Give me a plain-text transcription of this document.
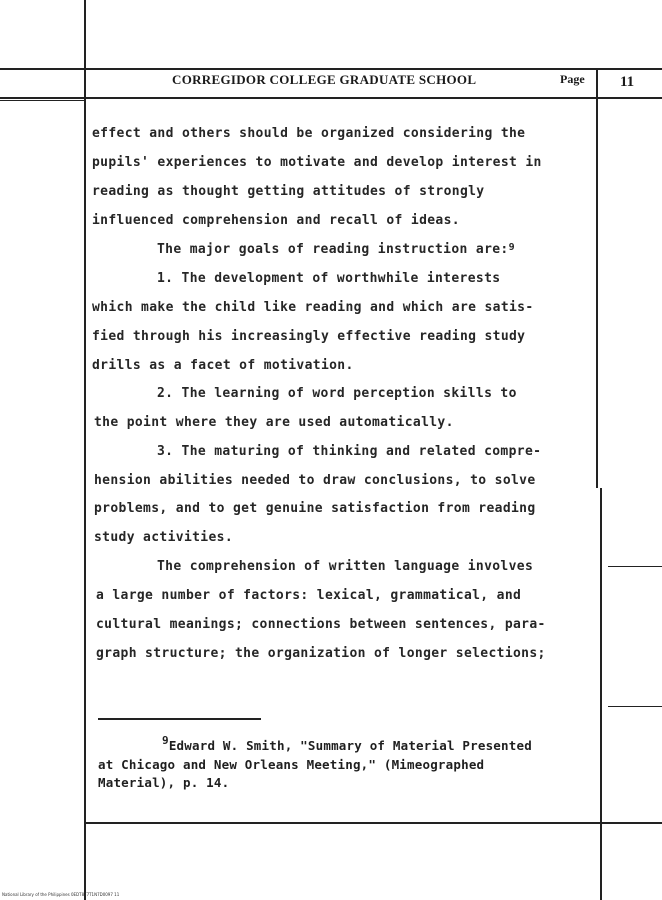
CORREGIDOR COLLEGE GRADUATE SCHOOL	Page 11
effect and others should be organized considering the
pupils' experiences to motivate and develop interest in
reading as thought getting attitudes of strongly
influenced comprehension and recall of ideas.
The major goals of reading instruction are:$^9$
1. The development of worthwhile interests
which make the child like reading and which are satis-
fied through his increasingly effective reading study
drills as a facet of motivation.
2. The learning of word perception skills to
the point where they are used automatically.
3. The maturing of thinking and related compre-
hension abilities needed to draw conclusions, to solve
problems, and to get genuine satisfaction from reading
study activities.
The comprehension of written language involves
a large number of factors: lexical, grammatical, and
cultural meanings; connections between sentences, para-
graph structure; the organization of longer selections;
9Edward W. Smith, "Summary of Material Presented
at Chicago and New Orleans Meeting," (Mimeographed
Material), p. 14.
National Library of the Philippines 0EDT8T7T1N7D0097 11
